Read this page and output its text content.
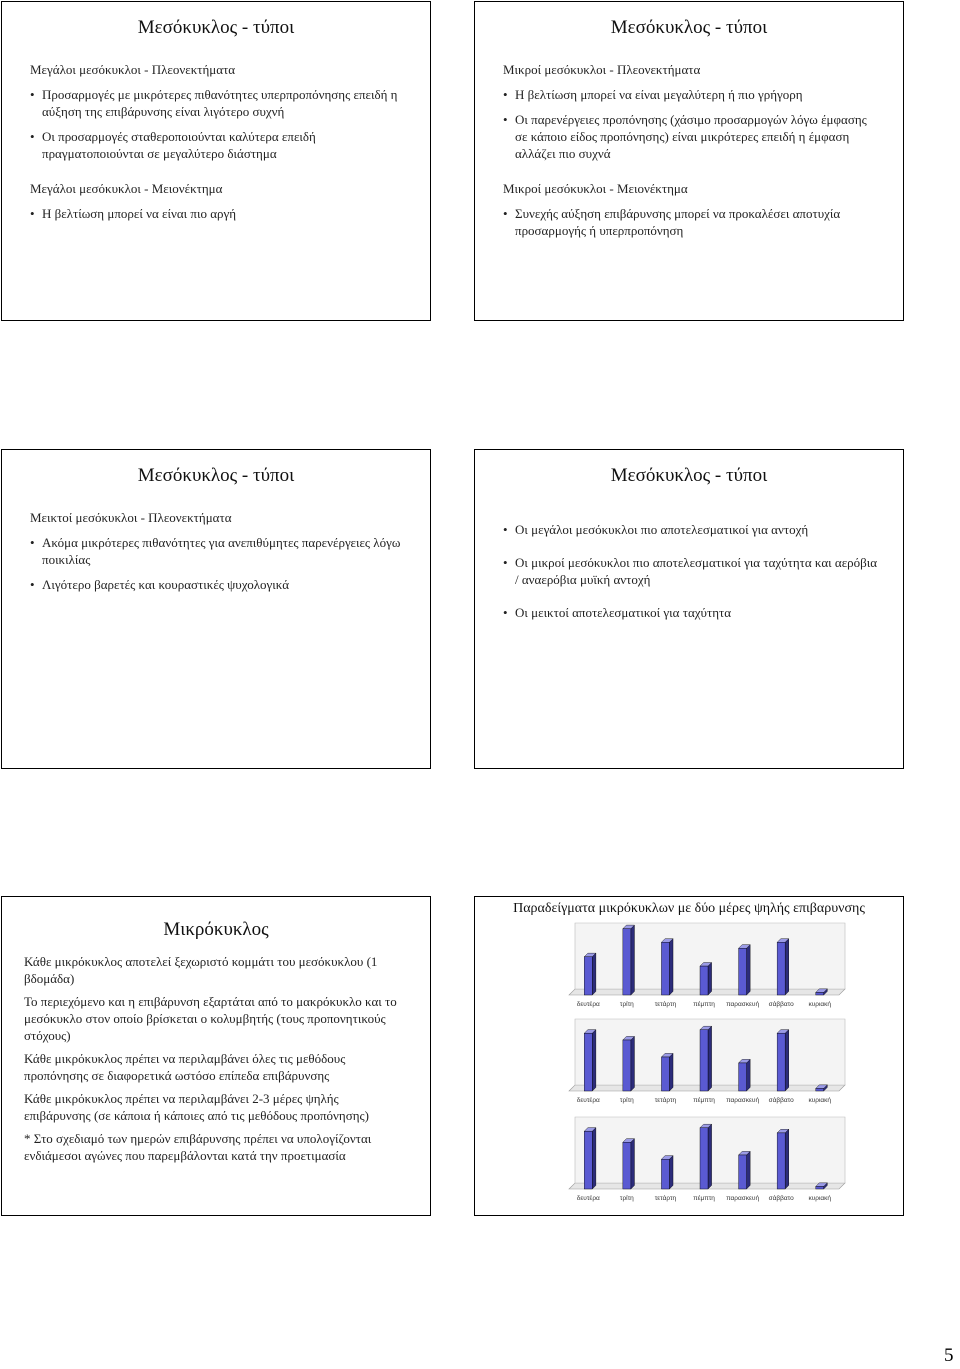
Μεσόκυκλος - τύποι
Μεγάλοι μεσόκυκλοι - Πλεονεκτήματα
• Προσαρμογές με μικρότερες πιθανότητες υπερπροπόνησης επειδή η αύξηση της επιβάρυνσης είναι λιγότερο συχνή
• Οι προσαρμογές σταθεροποιούνται καλύτερα επειδή πραγματοποιούνται σε μεγαλύτερο διάστημα
Μεγάλοι μεσόκυκλοι - Μειονέκτημα
• Η βελτίωση μπορεί να είναι πιο αργή
Μεσόκυκλος - τύποι
Μικροί μεσόκυκλοι - Πλεονεκτήματα
• Η βελτίωση μπορεί να είναι μεγαλύτερη ή πιο γρήγορη
• Οι παρενέργειες προπόνησης (χάσιμο προσαρμογών λόγω έμφασης σε κάποιο είδος προπόνησης) είναι μικρότερες επειδή η έμφαση αλλάζει πιο συχνά
Μικροί μεσόκυκλοι - Μειονέκτημα
• Συνεχής αύξηση επιβάρυνσης μπορεί να προκαλέσει αποτυχία προσαρμογής ή υπερπροπόνηση
Μεσόκυκλος - τύποι
Μεικτοί μεσόκυκλοι - Πλεονεκτήματα
• Ακόμα μικρότερες πιθανότητες για ανεπιθύμητες παρενέργειες λόγω ποικιλίας
• Λιγότερο βαρετές και κουραστικές ψυχολογικά
Μεσόκυκλος - τύποι
• Οι μεγάλοι μεσόκυκλοι πιο αποτελεσματικοί για αντοχή
• Οι μικροί μεσόκυκλοι πιο αποτελεσματικοί για ταχύτητα και αερόβια / αναερόβια μυϊκή αντοχή
• Οι μεικτοί αποτελεσματικοί για ταχύτητα
Μικρόκυκλος

Κάθε μικρόκυκλος αποτελεί ξεχωριστό κομμάτι του μεσόκυκλου (1 βδομάδα)

Το περιεχόμενο και η επιβάρυνση εξαρτάται από το μακρόκυκλο και το μεσόκυκλο στον οποίο βρίσκεται ο κολυμβητής (τους προπονητικούς στόχους)

Κάθε μικρόκυκλος πρέπει να περιλαμβάνει όλες τις μεθόδους προπόνησης σε διαφορετικά ωστόσο επίπεδα επιβάρυνσης

Κάθε μικρόκυκλος πρέπει να περιλαμβάνει 2-3 μέρες ψηλής επιβάρυνσης (σε κάποια ή κάποιες από τις μεθόδους προπόνησης)

* Στο σχεδιαμό των ημερών επιβάρυνσης πρέπει να υπολογίζονται ενδιάμεσοι αγώνες που παρεμβάλονται κατά την προετιμασία

Παραδείγματα μικρόκυκλων με δύο μέρες ψηλής επιβαρυνσης
δευτέρα	τρίτη	τετάρτη	πέμπτη	παρασκευή	σάββατο	κυριακή
δευτέρα	τρίτη	τετάρτη	πέμπτη	παρασκευή	σάββατο	κυριακή
δευτέρα	τρίτη	τετάρτη	πέμπτη	παρασκευή	σάββατο	κυριακή
5
